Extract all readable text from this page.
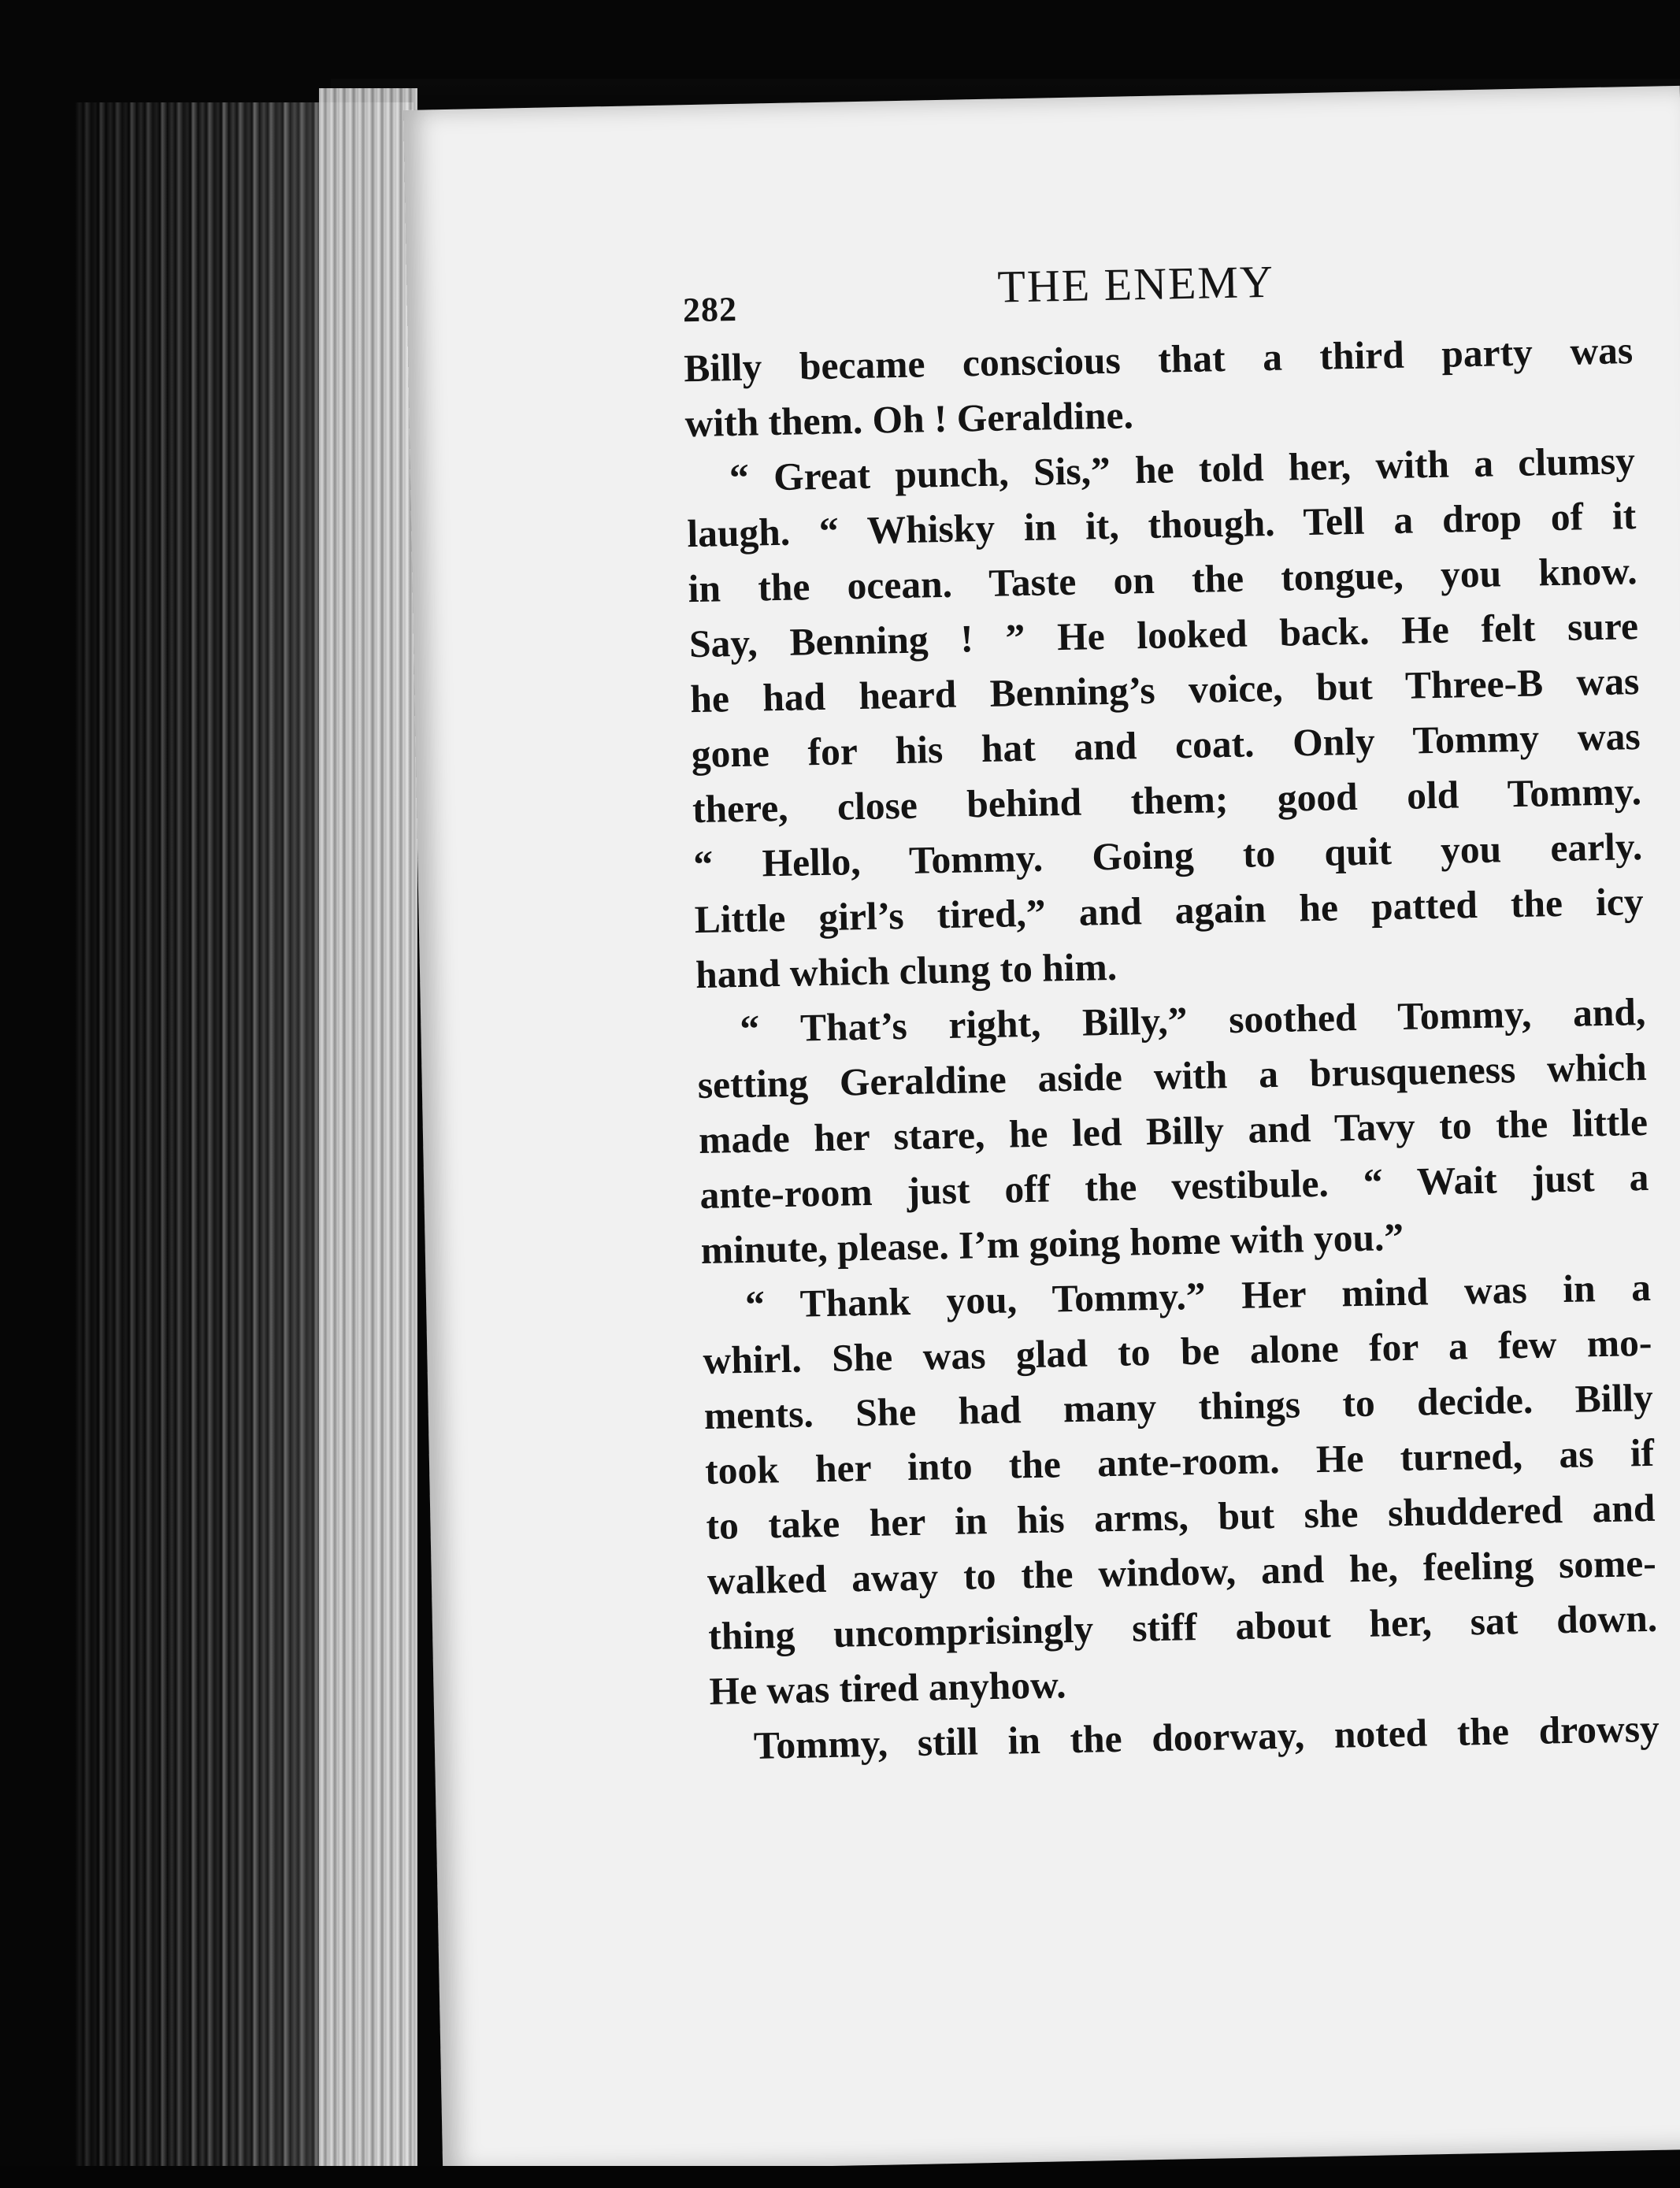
282	THE ENEMY
Billy became conscious that a third party was
with them. Oh ! Geraldine.
“ Great punch, Sis,” he told her, with a clumsy
laugh. “ Whisky in it, though. Tell a drop of it
in the ocean. Taste on the tongue, you know.
Say, Benning ! ” He looked back. He felt sure
he had heard Benning’s voice, but Three-B was
gone for his hat and coat. Only Tommy was
there, close behind them; good old Tommy.
“ Hello, Tommy. Going to quit you early.
Little girl’s tired,” and again he patted the icy
hand which clung to him.
“ That’s right, Billy,” soothed Tommy, and,
setting Geraldine aside with a brusqueness which
made her stare, he led Billy and Tavy to the little
ante-room just off the vestibule. “ Wait just a
minute, please. I’m going home with you.”
“ Thank you, Tommy.” Her mind was in a
whirl. She was glad to be alone for a few mo-
ments. She had many things to decide. Billy
took her into the ante-room. He turned, as if
to take her in his arms, but she shuddered and
walked away to the window, and he, feeling some-
thing uncomprisingly stiff about her, sat down.
He was tired anyhow.
Tommy, still in the doorway, noted the drowsy
